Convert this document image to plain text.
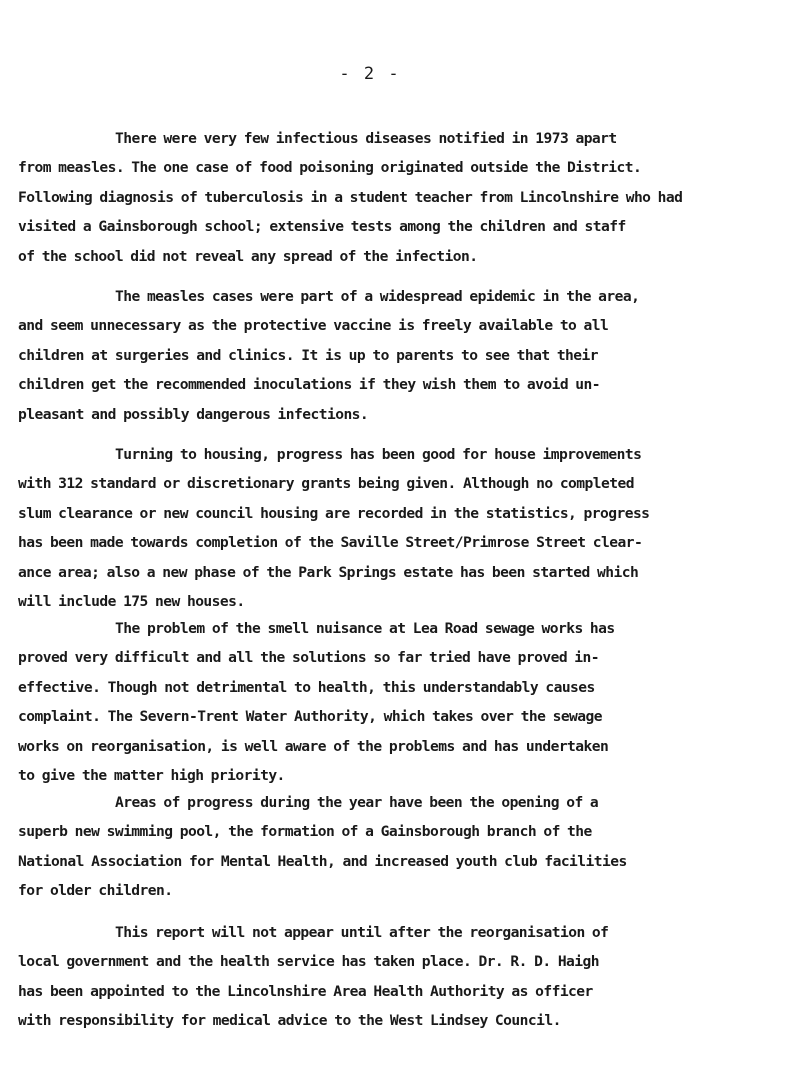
- 2 -
There were very few infectious diseases notified in 1973 apart
from measles. The one case of food poisoning originated outside the District.
Following diagnosis of tuberculosis in a student teacher from Lincolnshire who had
visited a Gainsborough school; extensive tests among the children and staff
of the school did not reveal any spread of the infection.
The measles cases were part of a widespread epidemic in the area,
and seem unnecessary as the protective vaccine is freely available to all
children at surgeries and clinics. It is up to parents to see that their
children get the recommended inoculations if they wish them to avoid un-
pleasant and possibly dangerous infections.
Turning to housing, progress has been good for house improvements
with 312 standard or discretionary grants being given. Although no completed
slum clearance or new council housing are recorded in the statistics, progress
has been made towards completion of the Saville Street/Primrose Street clear-
ance area; also a new phase of the Park Springs estate has been started which
will include 175 new houses.
The problem of the smell nuisance at Lea Road sewage works has
proved very difficult and all the solutions so far tried have proved in-
effective. Though not detrimental to health, this understandably causes
complaint. The Severn-Trent Water Authority, which takes over the sewage
works on reorganisation, is well aware of the problems and has undertaken
to give the matter high priority.
Areas of progress during the year have been the opening of a
superb new swimming pool, the formation of a Gainsborough branch of the
National Association for Mental Health, and increased youth club facilities
for older children.
This report will not appear until after the reorganisation of
local government and the health service has taken place. Dr. R. D. Haigh
has been appointed to the Lincolnshire Area Health Authority as officer
with responsibility for medical advice to the West Lindsey Council.
